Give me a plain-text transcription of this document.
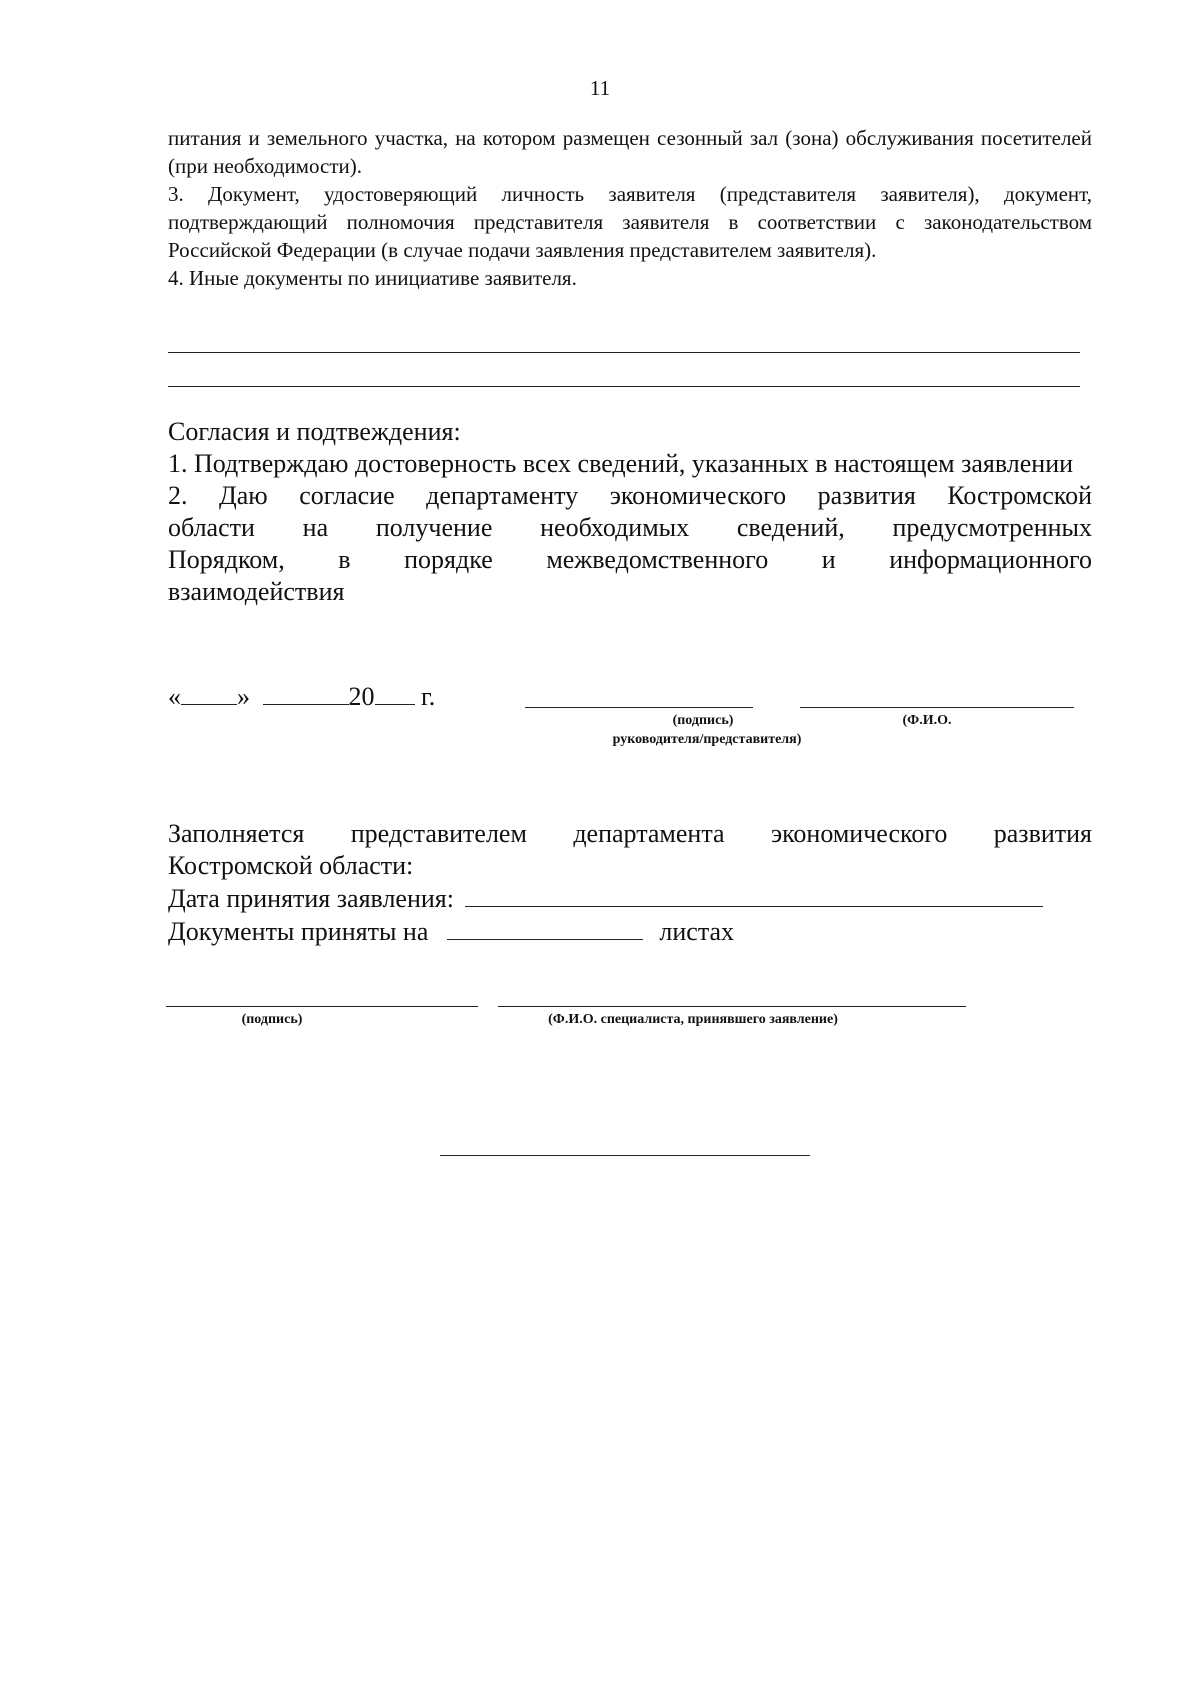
11

питания и земельного участка, на котором размещен сезонный зал (зона) обслуживания посетителей (при необходимости).

3. Документ, удостоверяющий личность заявителя (представителя заявителя), документ, подтверждающий полномочия представителя заявителя в соответствии с законодательством Российской Федерации (в случае подачи заявления представителем заявителя).

4. Иные документы по инициативе заявителя.

Согласия и подтвеждения:

1. Подтверждаю достоверность всех сведений, указанных в настоящем заявлении

2. Даю согласие департаменту экономического развития Костромской

области на получение необходимых сведений, предусмотренных

Порядком, в порядке межведомственного и информационного

взаимодействия

« »	20 г.
(подпись)
руководителя/представителя)
(Ф.И.О.

Заполняется представителем департамента экономического развития

Костромской области:

Дата принятия заявления:

Документы приняты на	листах

(подпись)	(Ф.И.О. специалиста, принявшего заявление)
